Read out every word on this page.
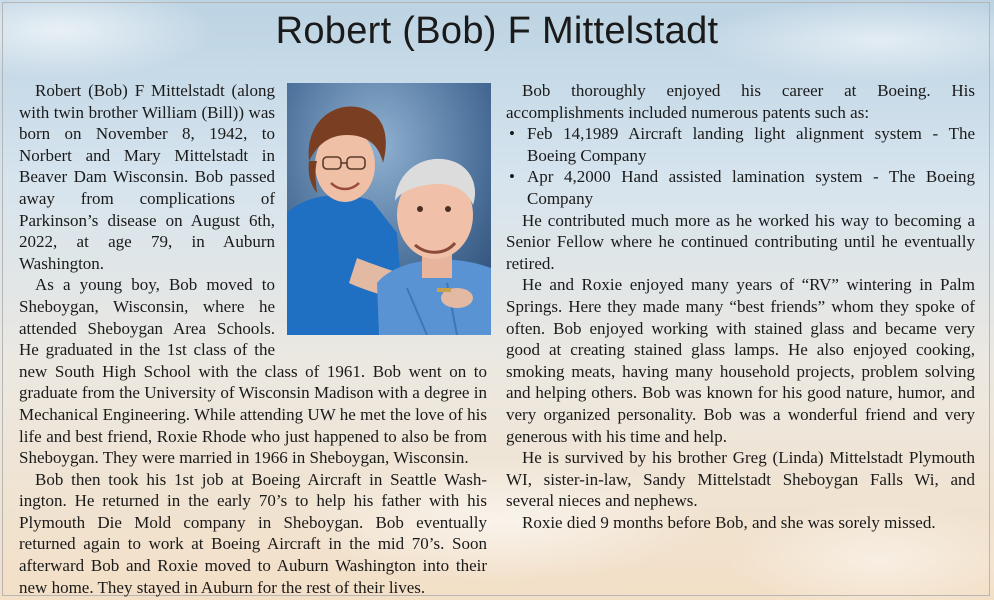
Robert (Bob) F Mittelstadt

Robert (Bob) F Mittelstadt (along with twin brother William (Bill)) was born on November 8, 1942, to Norbert and Mary Mittelstadt in Beaver Dam Wisconsin. Bob passed away from complications of Parkinson’s disease on August 6th, 2022, at age 79, in Auburn Washington.

As a young boy, Bob moved to Sheboygan, Wisconsin, where he attended Sheboygan Area Schools. He graduated in the 1st class of the new South High School with the class of 1961. Bob went on to graduate from the University of Wisconsin Madison with a degree in Mechanical Engineering. While attending UW he met the love of his life and best friend, Roxie Rhode who just happened to also be from Sheboygan. They were married in 1966 in Sheboygan, Wisconsin.

Bob then took his 1st job at Boeing Aircraft in Seattle Washington. He returned in the early 70’s to help his father with his Plymouth Die Mold company in Sheboygan. Bob eventually returned again to work at Boeing Aircraft in the mid 70’s. Soon afterward Bob and Roxie moved to Auburn Washington into their new home. They stayed in Auburn for the rest of their lives.

Bob thoroughly enjoyed his career at Boeing. His accomplishments included numerous patents such as:

• Feb 14,1989 Aircraft landing light alignment system - The Boeing Company
• Apr 4,2000 Hand assisted lamination system - The Boeing Company

He contributed much more as he worked his way to becoming a Senior Fellow where he continued contributing until he eventually retired.

He and Roxie enjoyed many years of “RV” wintering in Palm Springs. Here they made many “best friends” whom they spoke of often. Bob enjoyed working with stained glass and became very good at creating stained glass lamps. He also enjoyed cooking, smoking meats, having many household projects, problem solving and helping others. Bob was known for his good nature, humor, and very organized personality. Bob was a wonderful friend and very generous with his time and help.

He is survived by his brother Greg (Linda) Mittelstadt Plymouth WI, sister-in-law, Sandy Mittelstadt Sheboygan Falls Wi, and several nieces and nephews.

Roxie died 9 months before Bob, and she was sorely missed.
